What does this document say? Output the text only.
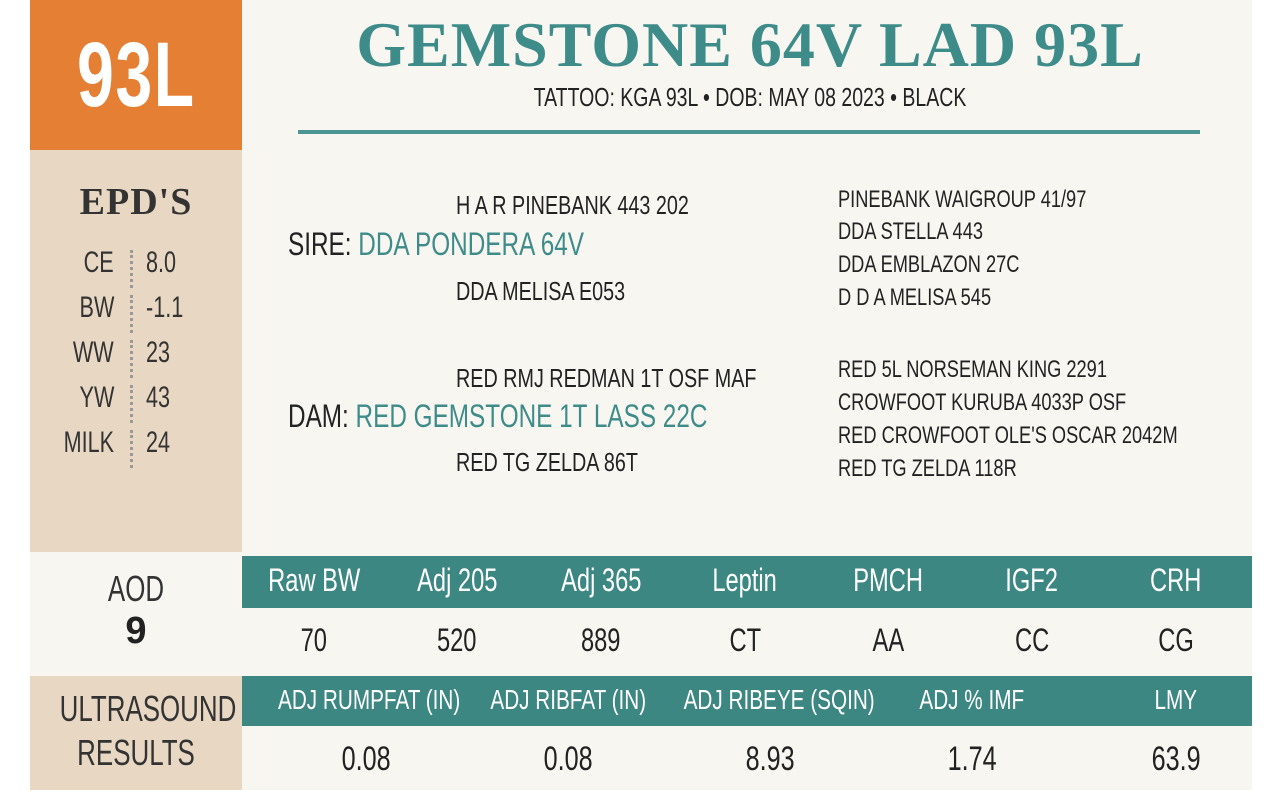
93L
EPD'S
CE 8.0
BW -1.1
WW 23
YW 43
MILK 24
AOD
9
ULTRASOUND
RESULTS
GEMSTONE 64V LAD 93L
TATTOO: KGA 93L • DOB: MAY 08 2023 • BLACK
H A R PINEBANK 443 202
SIRE: DDA PONDERA 64V
DDA MELISA E053
PINEBANK WAIGROUP 41/97
DDA STELLA 443
DDA EMBLAZON 27C
D D A MELISA 545
RED RMJ REDMAN 1T OSF MAF
DAM: RED GEMSTONE 1T LASS 22C
RED TG ZELDA 86T
RED 5L NORSEMAN KING 2291
CROWFOOT KURUBA 4033P OSF
RED CROWFOOT OLE'S OSCAR 2042M
RED TG ZELDA 118R
Raw BW	Adj 205	Adj 365	Leptin	PMCH	IGF2	CRH
70	520	889	CT	AA	CC	CG
ADJ RUMPFAT (IN)	ADJ RIBFAT (IN)	ADJ RIBEYE (SQIN)	ADJ % IMF	LMY
0.08	0.08	8.93	1.74	63.9
